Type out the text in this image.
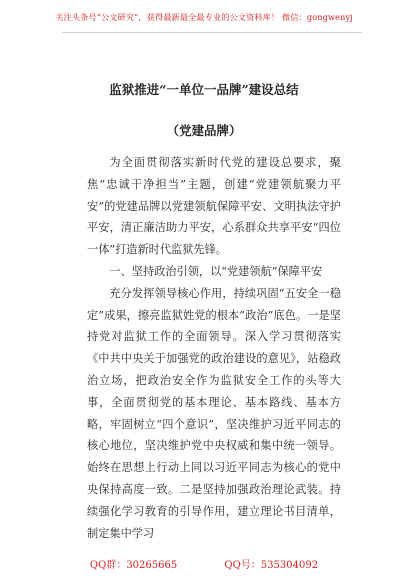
关注头条号“公文研究”，获得最新最全最专业的公文资料库！ 微信：gongwenyj
监狱推进“一单位一品牌”建设总结
（党建品牌）

为全面贯彻落实新时代党的建设总要求，聚焦“忠诚干净担当”主题，创建“党建领航聚力平安”的党建品牌以党建领航保障平安、文明执法守护平安，清正廉洁助力平安，心系群众共享平安“四位一体”打造新时代监狱先锋。

一、坚持政治引领，以“党建领航”保障平安

充分发挥领导核心作用，持续巩固“五安全一稳定”成果，擦亮监狱姓党的根本“政治”底色。一是坚持党对监狱工作的全面领导。深入学习贯彻落实《中共中央关于加强党的政治建设的意见》，站稳政治立场，把政治安全作为监狱安全工作的头等大事，全面贯彻党的基本理论、基本路线、基本方略，牢固树立“四个意识”，坚决维护习近平同志的核心地位，坚决维护党中央权威和集中统一领导。始终在思想上行动上同以习近平同志为核心的党中央保持高度一致。二是坚持加强政治理论武装。持续强化学习教育的引导作用，建立理论书目清单，制定集中学习

QQ群：30265665	QQ号：535304092
